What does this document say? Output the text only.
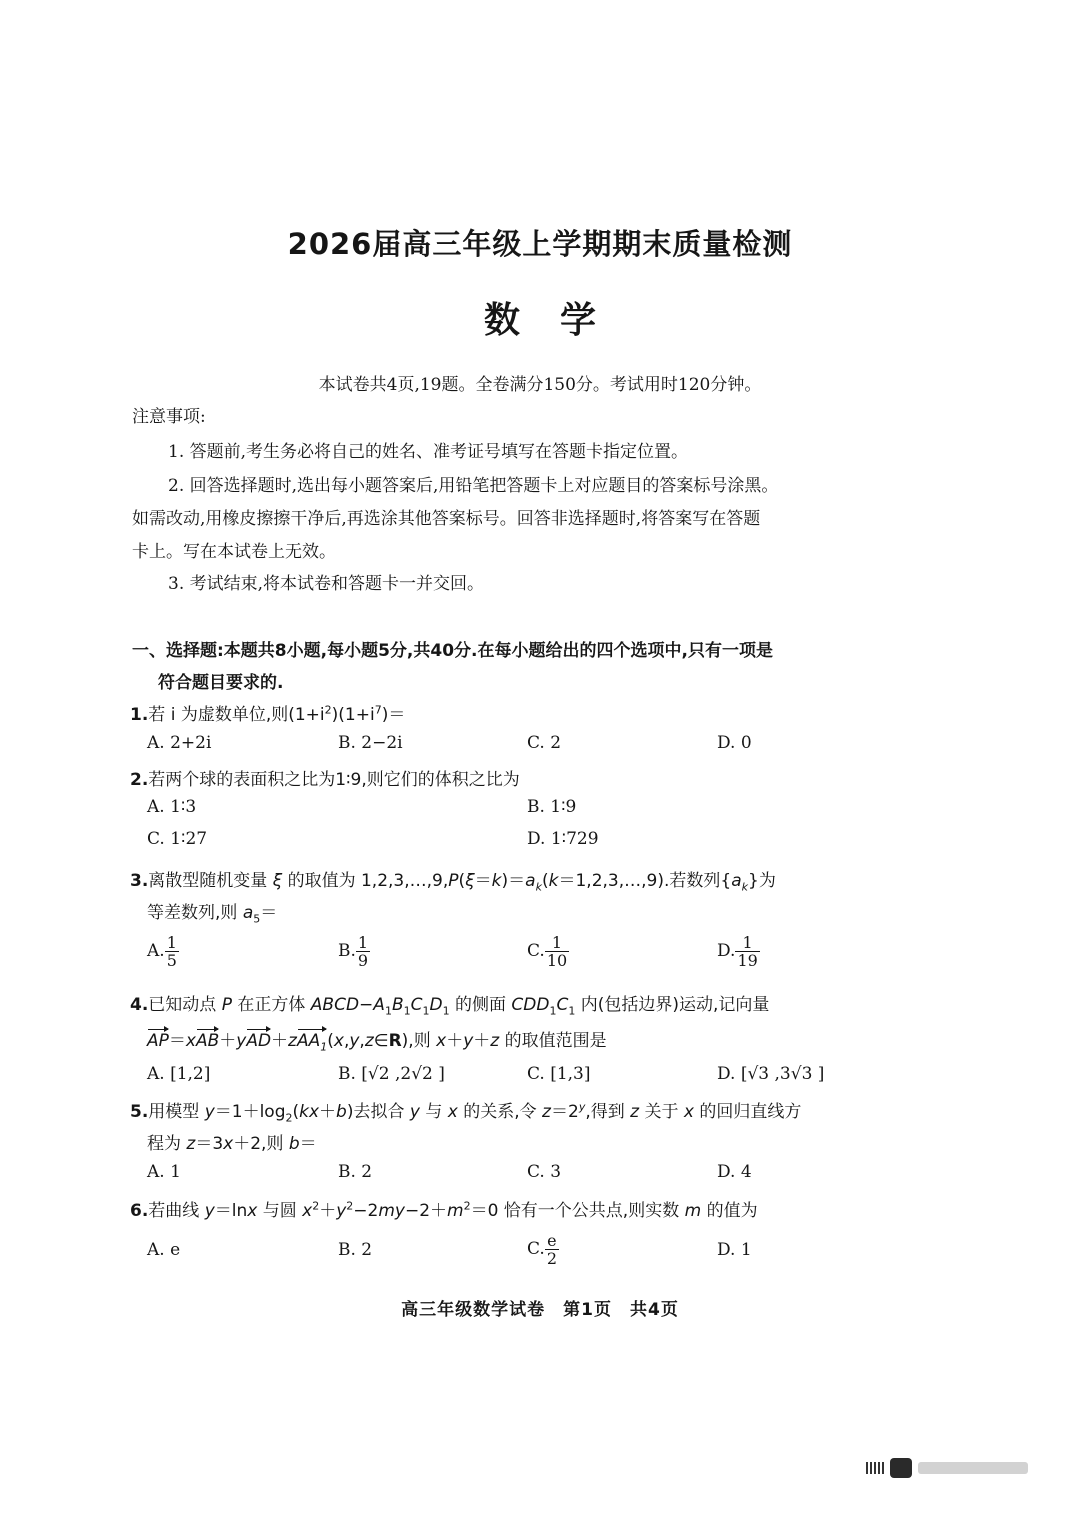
2026届高三年级上学期期末质量检测
数学
本试卷共4页,19题。全卷满分150分。考试用时120分钟。
注意事项:
1. 答题前,考生务必将自己的姓名、准考证号填写在答题卡指定位置。
2. 回答选择题时,选出每小题答案后,用铅笔把答题卡上对应题目的答案标号涂黑。
如需改动,用橡皮擦擦干净后,再选涂其他答案标号。回答非选择题时,将答案写在答题
卡上。写在本试卷上无效。
3. 考试结束,将本试卷和答题卡一并交回。
一、选择题:本题共8小题,每小题5分,共40分.在每小题给出的四个选项中,只有一项是
符合题目要求的.
1.若 i 为虚数单位,则$(1+i^2)(1+i^7)=$
A. 2+2i	B. 2−2i	C. 2	D. 0
2.若两个球的表面积之比为1∶9,则它们的体积之比为
A. 1∶3	B. 1∶9
C. 1∶27	D. 1∶729
3.离散型随机变量 ξ 的取值为 $1,2,3,\dots,9,P(\xi=k)=a_k(k=1,2,3,\dots,9)$.若数列$\{a_k\}$为
等差数列,则 $a_5=$
A. $\frac{1}{5}$	B. $\frac{1}{9}$	C. $\frac{1}{10}$	D. $\frac{1}{19}$
4.已知动点 P 在正方体 $ABCD-A_1B_1C_1D_1$ 的侧面 $CDD_1C_1$ 内(包括边界)运动,记向量
AP＝xAB＋yAD＋zAA$_1$(x,y,z∈R),则 x＋y＋z 的取值范围是
A. [1,2]	B. [√2 ,2√2 ]	C. [1,3]	D. [√3 ,3√3 ]
5.用模型 $y=1+\log_2(kx+b)$去拟合 y 与 x 的关系,令 $z=2^y$,得到 z 关于 x 的回归直线方
程为 z＝3x＋2,则 b＝
A. 1	B. 2	C. 3	D. 4
6.若曲线 y＝lnx 与圆 $x^2+y^2-2my-2+m^2=0$ 恰有一个公共点,则实数 m 的值为
A. e	B. 2	C. $\frac{e}{2}$	D. 1
高三年级数学试卷　第1页　共4页
